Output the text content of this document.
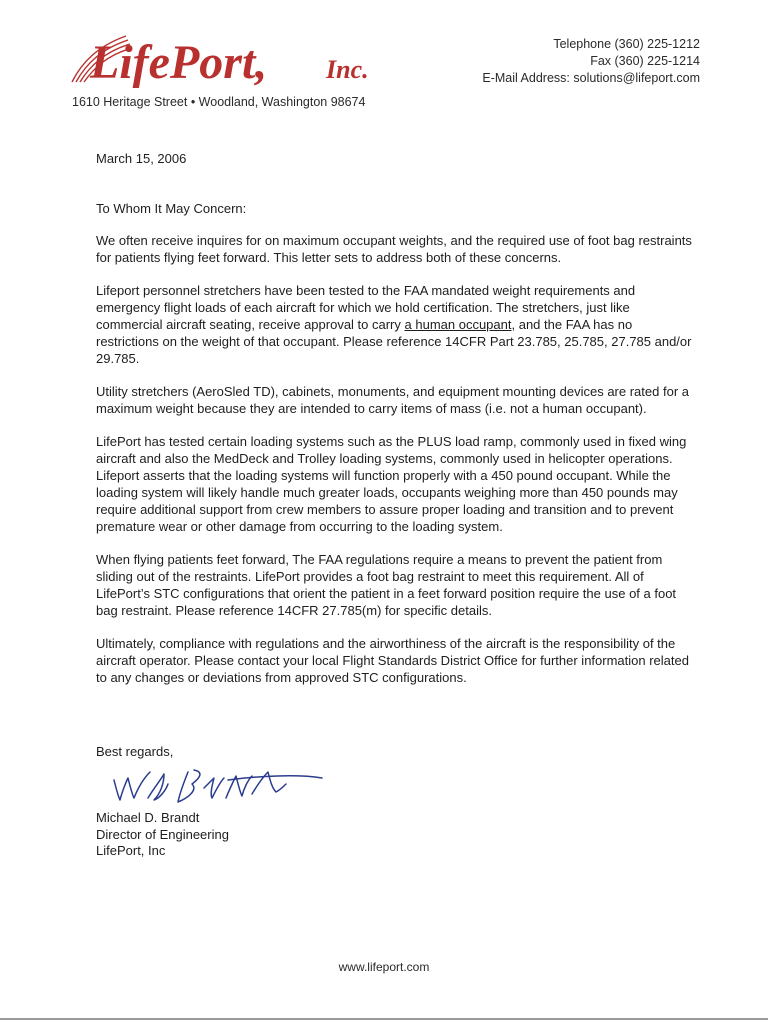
LifePort, Inc.
1610 Heritage Street • Woodland, Washington 98674
Telephone (360) 225-1212
Fax (360) 225-1214
E-Mail Address: solutions@lifeport.com

March 15, 2006

To Whom It May Concern:

We often receive inquires for on maximum occupant weights, and the required use of foot bag restraints for patients flying feet forward. This letter sets to address both of these concerns.

Lifeport personnel stretchers have been tested to the FAA mandated weight requirements and emergency flight loads of each aircraft for which we hold certification. The stretchers, just like commercial aircraft seating, receive approval to carry a human occupant, and the FAA has no restrictions on the weight of that occupant. Please reference 14CFR Part 23.785, 25.785, 27.785 and/or 29.785.

Utility stretchers (AeroSled TD), cabinets, monuments, and equipment mounting devices are rated for a maximum weight because they are intended to carry items of mass (i.e. not a human occupant).

LifePort has tested certain loading systems such as the PLUS load ramp, commonly used in fixed wing aircraft and also the MedDeck and Trolley loading systems, commonly used in helicopter operations. Lifeport asserts that the loading systems will function properly with a 450 pound occupant. While the loading system will likely handle much greater loads, occupants weighing more than 450 pounds may require additional support from crew members to assure proper loading and transition and to prevent premature wear or other damage from occurring to the loading system.

When flying patients feet forward, The FAA regulations require a means to prevent the patient from sliding out of the restraints. LifePort provides a foot bag restraint to meet this requirement. All of LifePort’s STC configurations that orient the patient in a feet forward position require the use of a foot bag restraint. Please reference 14CFR 27.785(m) for specific details.

Ultimately, compliance with regulations and the airworthiness of the aircraft is the responsibility of the aircraft operator. Please contact your local Flight Standards District Office for further information related to any changes or deviations from approved STC configurations.

Best regards,
Michael D. Brandt
Director of Engineering
LifePort, Inc
www.lifeport.com
